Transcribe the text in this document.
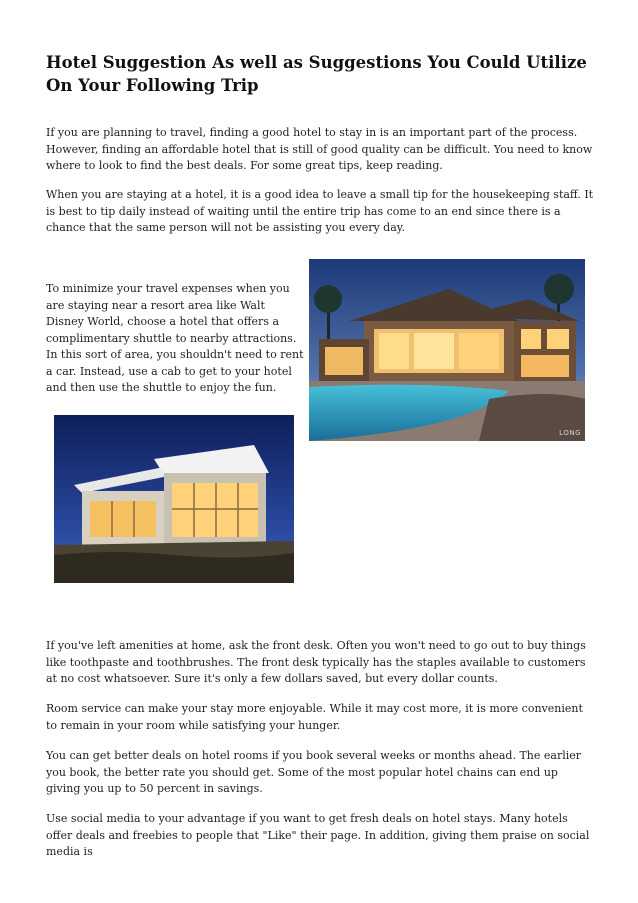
Hotel Suggestion As well as Suggestions You Could Utilize On Your Following Trip

If you are planning to travel, finding a good hotel to stay in is an important part of the process. However, finding an affordable hotel that is still of good quality can be difficult. You need to know where to look to find the best deals. For some great tips, keep reading.

When you are staying at a hotel, it is a good idea to leave a small tip for the housekeeping staff. It is best to tip daily instead of waiting until the entire trip has come to an end since there is a chance that the same person will not be assisting you every day.

To minimize your travel expenses when you are staying near a resort area like Walt Disney World, choose a hotel that offers a complimentary shuttle to nearby attractions. In this sort of area, you shouldn't need to rent a car. Instead, use a cab to get to your hotel and then use the shuttle to enjoy the fun.

LONG

If you've left amenities at home, ask the front desk. Often you won't need to go out to buy things like toothpaste and toothbrushes. The front desk typically has the staples available to customers at no cost whatsoever. Sure it's only a few dollars saved, but every dollar counts.

Room service can make your stay more enjoyable. While it may cost more, it is more convenient to remain in your room while satisfying your hunger.

You can get better deals on hotel rooms if you book several weeks or months ahead. The earlier you book, the better rate you should get. Some of the most popular hotel chains can end up giving you up to 50 percent in savings.

Use social media to your advantage if you want to get fresh deals on hotel stays. Many hotels offer deals and freebies to people that "Like" their page. In addition, giving them praise on social media is
